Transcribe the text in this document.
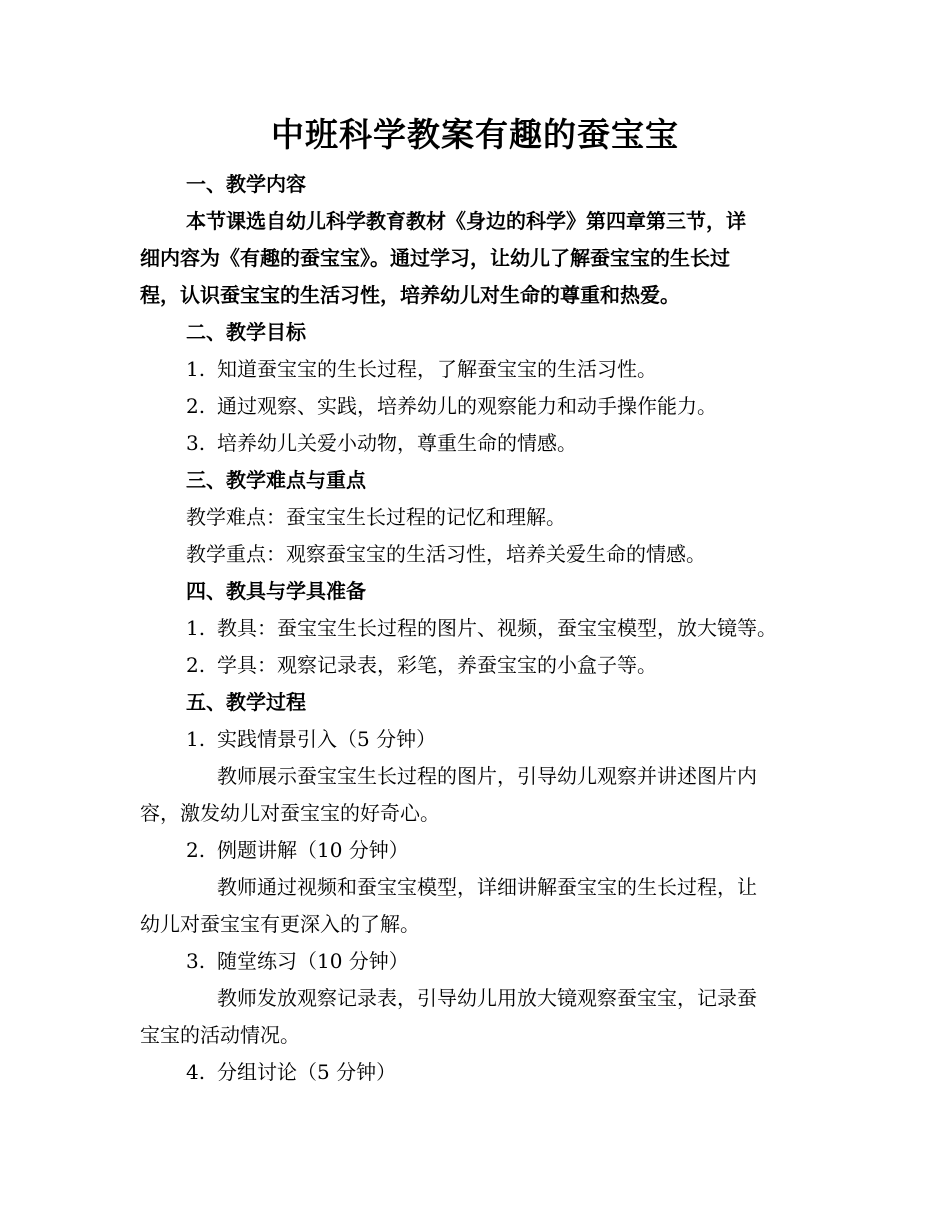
中班科学教案有趣的蚕宝宝
一、教学内容
本节课选自幼儿科学教育教材《身边的科学》第四章第三节，详
细内容为《有趣的蚕宝宝》。通过学习，让幼儿了解蚕宝宝的生长过
程，认识蚕宝宝的生活习性，培养幼儿对生命的尊重和热爱。
二、教学目标
1. 知道蚕宝宝的生长过程，了解蚕宝宝的生活习性。
2. 通过观察、实践，培养幼儿的观察能力和动手操作能力。
3. 培养幼儿关爱小动物，尊重生命的情感。
三、教学难点与重点
教学难点：蚕宝宝生长过程的记忆和理解。
教学重点：观察蚕宝宝的生活习性，培养关爱生命的情感。
四、教具与学具准备
1. 教具：蚕宝宝生长过程的图片、视频，蚕宝宝模型，放大镜等。
2. 学具：观察记录表，彩笔，养蚕宝宝的小盒子等。
五、教学过程
1. 实践情景引入（5 分钟）
教师展示蚕宝宝生长过程的图片，引导幼儿观察并讲述图片内
容，激发幼儿对蚕宝宝的好奇心。
2. 例题讲解（10 分钟）
教师通过视频和蚕宝宝模型，详细讲解蚕宝宝的生长过程，让
幼儿对蚕宝宝有更深入的了解。
3. 随堂练习（10 分钟）
教师发放观察记录表，引导幼儿用放大镜观察蚕宝宝，记录蚕
宝宝的活动情况。
4. 分组讨论（5 分钟）
